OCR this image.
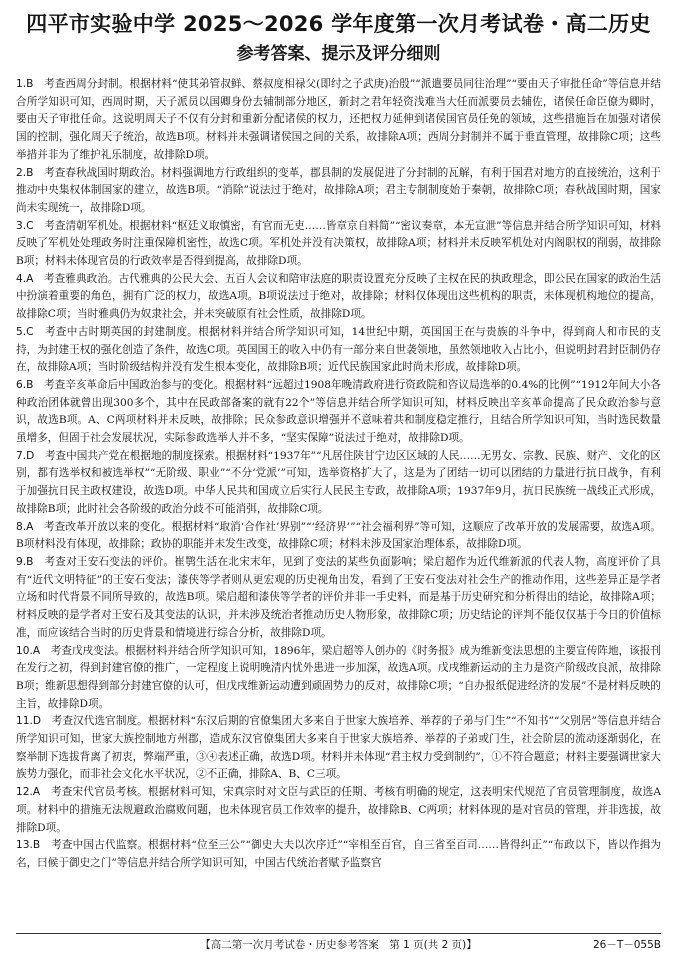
四平市实验中学 2025～2026 学年度第一次月考试卷・高二历史
参考答案、提示及评分细则

1.B　 考查西周分封制。根据材料“使其弟管叔鲜、蔡叔度相禄父(即纣之子武庚)治殷”“派遣要员同往治理”“要由天子审批任命”等信息并结合所学知识可知，西周时期，天子派员以国卿身份去辅制部分地区，新封之君年轻资浅难当大任而派要员去辅佐，诸侯任命臣僚为卿时，要由天子审批任命。这说明周天子不仅有分封和重新分配诸侯的权力，还把权力延伸到诸侯国官员任免的领域，这些措施旨在加强对诸侯国的控制，强化周天子统治，故选B项。材料并未强调诸侯国之间的关系，故排除A项；西周分封制并不属于垂直管理，故排除C项；这些举措并非为了维护礼乐制度，故排除D项。

2.B　 考查春秋战国时期政治。材料强调地方行政组织的变革，郡县制的发展促进了分封制的瓦解，有利于国君对地方的直接统治，这利于推动中央集权体制国家的建立，故选B项。“消除”说法过于绝对，故排除A项；君主专制制度始于秦朝，故排除C项；春秋战国时期，国家尚未实现统一，故排除D项。

3.C　 考查清朝军机处。根据材料“枢廷义取慎密，有官而无吏……皆章京自料简”“密议奏章，本无宣泄”等信息并结合所学知识可知，材料反映了军机处处理政务时注重保障机密性，故选C项。军机处并没有决策权，故排除A项；材料并未反映军机处对内阁职权的削弱，故排除B项；材料未体现官员的行政效率是否得到提高，故排除D项。

4.A　 考查雅典政治。古代雅典的公民大会、五百人会议和陪审法庭的职责设置充分反映了主权在民的执政理念，即公民在国家的政治生活中扮演着重要的角色，拥有广泛的权力，故选A项。B项说法过于绝对，故排除；材料仅体现出这些机构的职责，未体现机构地位的提高，故排除C项；当时雅典仍为奴隶社会，并未突破原有社会性质，故排除D项。

5.C　 考查中古时期英国的封建制度。根据材料并结合所学知识可知，14世纪中期，英国国王在与贵族的斗争中，得到商人和市民的支持，为封建王权的强化创造了条件，故选C项。英国国王的收入中仍有一部分来自世袭领地，虽然领地收入占比小，但说明封君封臣制仍存在，故排除A项；当时阶级结构并没有发生根本变化，故排除B项；近代民族国家此时尚未形成，故排除D项。

6.B　 考查辛亥革命后中国政治参与的变化。根据材料“远超过1908年晚清政府进行资政院和咨议局选举的0.4%的比例”“1912年间大小各种政治团体就曾出现300多个，其中在民政部备案的就有22个”等信息并结合所学知识可知，材料反映出辛亥革命提高了民众政治参与意识，故选B项。A、C两项材料并未反映，故排除；民众参政意识增强并不意味着共和制度稳定推行，且结合所学知识可知，当时选民数量虽增多，但固于社会发展状况，实际参政选举人并不多，“坚实保障”说法过于绝对，故排除D项。

7.D　 考查中国共产党在根据地的制度探索。根据材料“1937年”“凡居住陕甘宁边区区域的人民……无男女、宗教、民族、财产、文化的区别，都有选举权和被选举权”“无阶级、职业”“不分‘党派’”可知，选举资格扩大了，这是为了团结一切可以团结的力量进行抗日战争，有利于加强抗日民主政权建设，故选D项。中华人民共和国成立后实行人民民主专政，故排除A项；1937年9月，抗日民族统一战线正式形成，故排除B项；此时社会各阶级的政治分歧不可能消弭，故排除C项。

8.A　 考查改革开放以来的变化。根据材料“取消‘合作社’界别”“‘经济界’”“社会福利界”等可知，这顺应了改革开放的发展需要，故选A项。B项材料没有体现，故排除；政协的职能并未发生改变，故排除C项；材料未涉及国家治理体系，故排除D项。

9.B　 考查对王安石变法的评价。崔鹗生活在北宋末年，见到了变法的某些负面影响；梁启超作为近代维新派的代表人物，高度评价了具有“近代文明特征”的王安石变法；漆侠等学者则从更宏观的历史视角出发，看到了王安石变法对社会生产的推动作用，这些差异正是学者立场和时代背景不同所导致的，故选B项。梁启超和漆侠等学者的评价并非一手史料，而是基于历史研究和分析得出的结论，故排除A项；材料反映的是学者对王安石及其变法的认识，并未涉及统治者推动历史人物形象，故排除C项；历史结论的评判不能仅仅基于今日的价值标准，而应该结合当时的历史背景和情境进行综合分析，故排除D项。

10.A　 考查戊戌变法。根据材料并结合所学知识可知，1896年，梁启超等人创办的《时务报》成为维新变法思想的主要宣传阵地，该报刊在发行之初，得到封建官僚的推广，一定程度上说明晚清内忧外患进一步加深，故选A项。戊戌维新运动的主力是资产阶级改良派，故排除B项；维新思想得到部分封建官僚的认可，但戊戌维新运动遭到顽固势力的反对，故排除C项；“自办报纸促进经济的发展”不是材料反映的主旨，故排除D项。

11.D　 考查汉代选官制度。根据材料“东汉后期的官僚集团大多来自于世家大族培养、举荐的子弟与门生”“不知书”“父别居”等信息并结合所学知识可知，世家大族控制地方州郡，造成东汉官僚集团大多来自于世家大族培养、举荐的子弟或门生，社会阶层的流动逐渐弱化，在察举制下选拔背离了初衷，弊端严重，③④表述正确，故选D项。材料并未体现“君主权力受到制约”，①不符合题意；材料主要强调世家大族势力强化，而非社会文化水平状况，②不正确，排除A、B、C三项。

12.A　 考查宋代官员考核。根据材料可知，宋真宗时对文臣与武臣的任期、考核有明确的规定，这表明宋代规范了官员管理制度，故选A项。材料中的措施无法规避政治腐败问题，也未体现官员工作效率的提升，故排除B、C两项；材料体现的是对官员的管理，并非选拔，故排除D项。

13.B　 考查中国古代监察。根据材料“位至三公”“御史大夫以次序迁”“宰相至百官，自三省至百司……皆得纠正”“布政以下，皆以作揖为名，曰候于御史之门”等信息并结合所学知识可知，中国古代统治者赋予监察官

【高二第一次月考试卷・历史参考答案　第 1 页(共 2 页)】	26－T－055B
